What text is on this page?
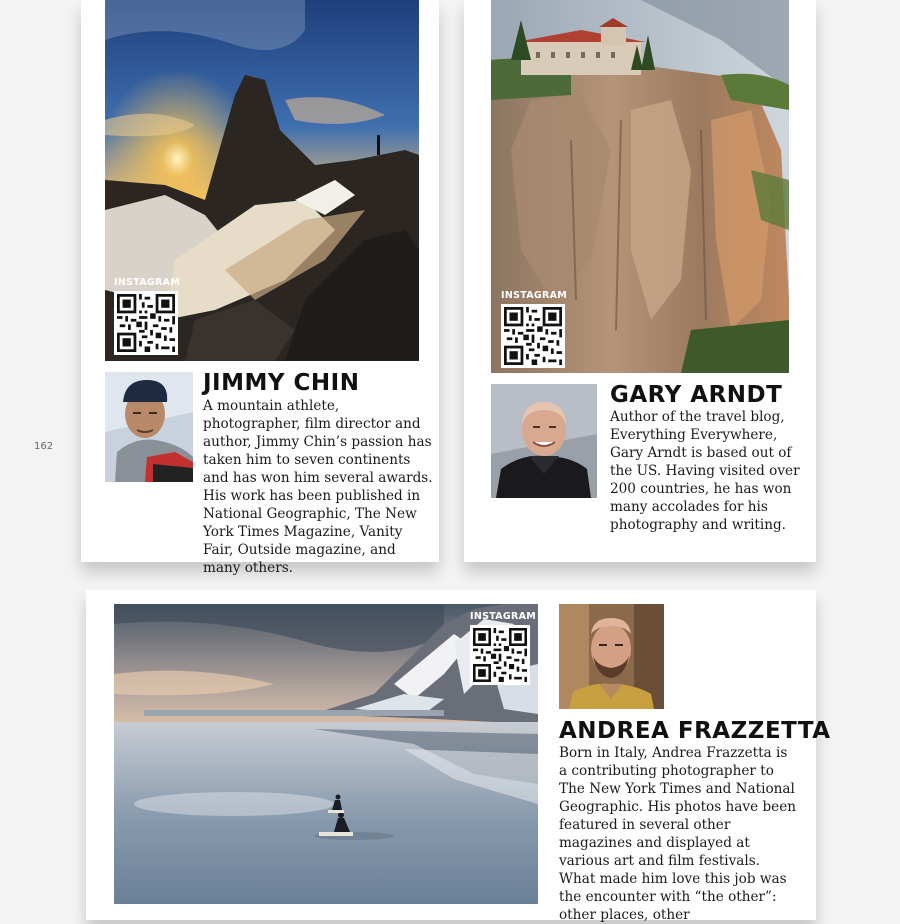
162
INSTAGRAM
JIMMY CHIN

A mountain athlete, photographer, film director and author, Jimmy Chin’s passion has taken him to seven continents and has won him several awards. His work has been published in National Geographic, The New York Times Magazine, Vanity Fair, Outside magazine, and many others.

INSTAGRAM
GARY ARNDT

Author of the travel blog, Everything Everywhere, Gary Arndt is based out of the US. Having visited over 200 countries, he has won many accolades for his photography and writing.

INSTAGRAM
ANDREA FRAZZETTA

Born in Italy, Andrea Frazzetta is a contributing photographer to The New York Times and National Geographic. His photos have been featured in several other magazines and displayed at various art and film festivals. What made him love this job was the encounter with “the other”: other places, other
